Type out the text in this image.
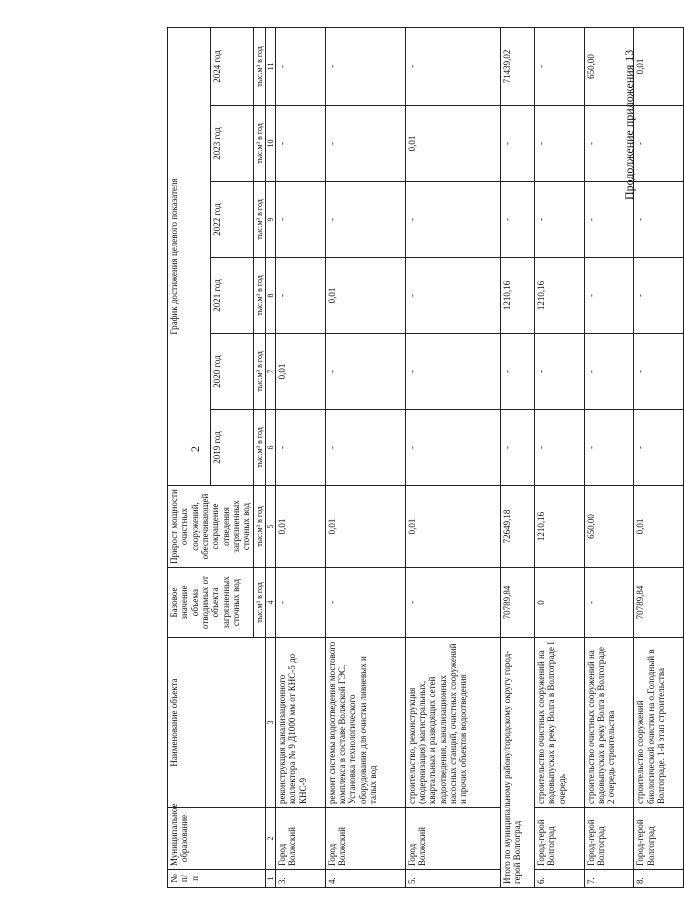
2
Продолжение приложения 13
№ п/п	Муниципальное образование	Наименование объекта	Базовое значение объема отводимых от объекта загрязненных сточных вод	Прирост мощности очистных сооружений, обеспечивающей сокращение отведения загрязненных сточных вод	График достижения целевого показателя					
					2019 год	2020 год	2021 год	2022 год	2023 год	2024 год
			тыс.м³ в год	тыс.м³ в год	тыс.м³ в год	тыс.м³ в год	тыс.м³ в год	тыс.м³ в год	тыс.м³ в год	тыс.м³ в год
1	2	3	4	5	6	7	8	9	10	11
3.	Город Волжский	реконструкция канализационного коллектора № 9 Д1000 мм от КНС-5 до КНС-9	-	0,01	-	0,01	-	-	-	-
4.	Город Волжский	ремонт системы водоотведения мостового комплекса в составе Волжской ГЭС. Установка технологического оборудования для очистки ливневых и талых вод	-	0,01	-	-	0,01	-	-	-
5.	Город Волжский	строительство, реконструкция (модернизация) магистральных, кварталъных и разводящих сетей водоотведения, канализационных насосных станций, очистных сооружений и прочих объектов водоотведения	-	0,01	-	-	-	-	0,01	-
Итого по муниципальному району/городскому округу город-герой Волгоград			70789,84	72649,18	-	-	1210,16	-	-	71439,02
6.	Город-герой Волгоград	строительство очистных сооружений на водовыпусках в реку Волга в Волгограде I очередь	0	1210,16	-	-	1210,16	-	-	-
7.	Город-герой Волгоград	строительство очистных сооружений на водовыпусках в реку Волга в Волгограде 2 очередь строительства	-	650,00	-	-	-	-	-	650,00
8.	Город-герой Волгоград	строительство сооружений биологической очистки на о.Голодный в Волгограде. 1-й этап строительства	70789,84	0,01	-	-	-	-	-	0,01
